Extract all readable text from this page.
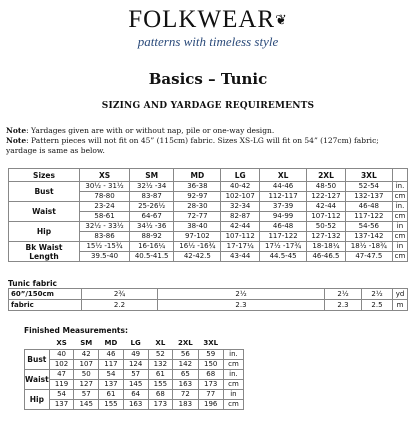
FOLKWEAR❦
patterns with timeless style
Basics – Tunic
SIZING AND YARDAGE REQUIREMENTS
Note: Yardages given are with or without nap, pile or one-way design.
Note: Pattern pieces will not fit on 45” (115cm) fabric. Sizes XS-LG will fit on 54” (127cm) fabric; yardage is same as below.
Sizes	XS	SM	MD	LG	XL	2XL	3XL	
Bust	30½ - 31½	32½ -34	36-38	40-42	44-46	48-50	52-54	in.
	78-80	83-87	92-97	102-107	112-117	122-127	132-137	cm
Waist	23-24	25-26½	28-30	32-34	37-39	42-44	46-48	in.
	58-61	64-67	72-77	82-87	94-99	107-112	117-122	cm
Hip	32½ - 33½	34½ -36	38-40	42-44	46-48	50-52	54-56	in
	83-86	88-92	97-102	107-112	117-122	127-132	137-142	cm

Bk Waist
Length	15½ -15¾	16-16¼	16½ -16¾	17-17¼	17½ -17¾	18-18¼	18½ -18¾	in
	39.5-40	40.5-41.5	42-42.5	43-44	44.5-45	46-46.5	47-47.5	cm
Tunic fabric
60”/150cm	2¾	2½	2½	2½	yd
fabric	2.2	2.3	2.3	2.5	m
Finished Measurements:
	XS	SM	MD	LG	XL	2XL	3XL	
Bust	40	42	46	49	52	56	59	in.
	102	107	117	124	132	142	150	cm
Waist	47	50	54	57	61	65	68	in.
	119	127	137	145	155	163	173	cm
Hip	54	57	61	64	68	72	77	in
	137	145	155	163	173	183	196	cm
